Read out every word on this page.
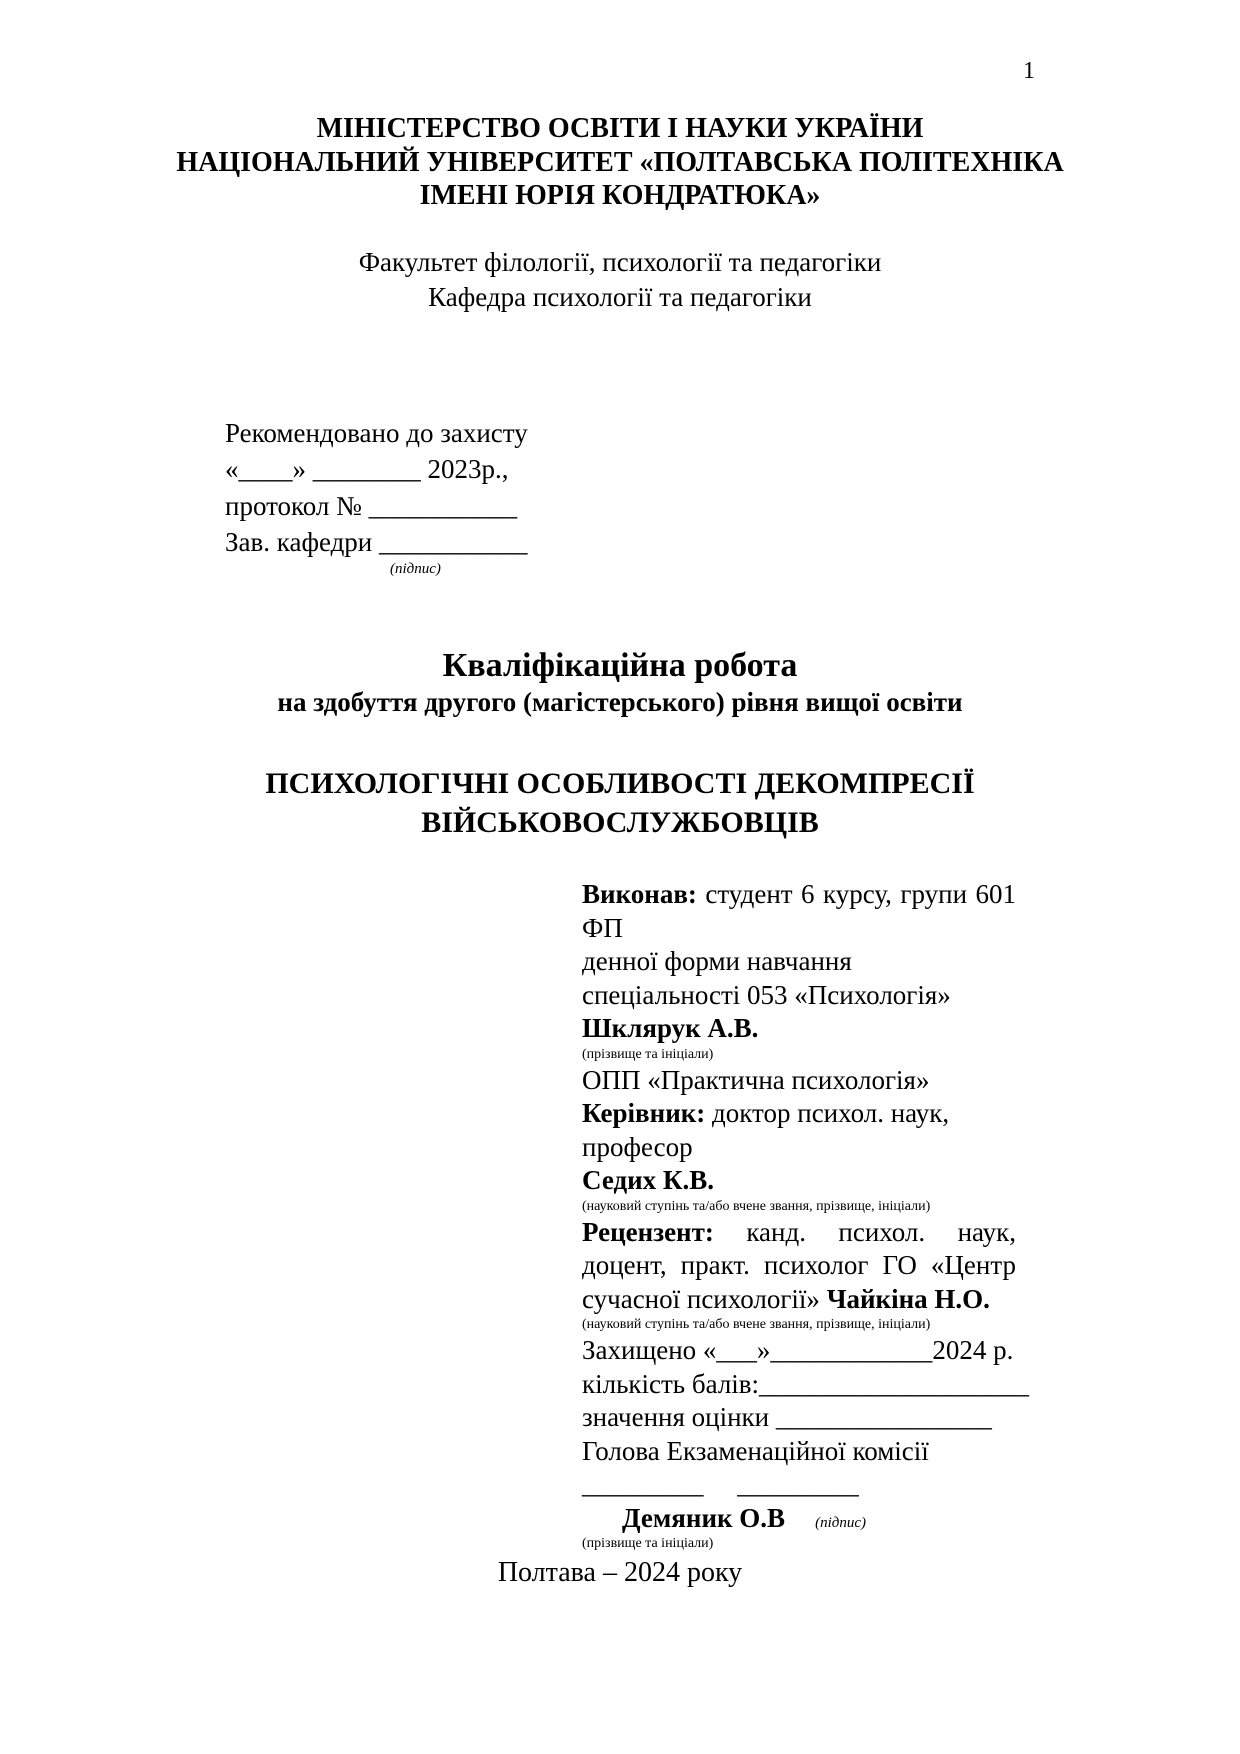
1
МІНІСТЕРСТВО ОСВІТИ І НАУКИ УКРАЇНИ
НАЦІОНАЛЬНИЙ УНІВЕРСИТЕТ «ПОЛТАВСЬКА ПОЛІТЕХНІКА
ІМЕНІ ЮРІЯ КОНДРАТЮКА»
Факультет філології, психології та педагогіки
Кафедра психології та педагогіки
Рекомендовано до захисту
«____» ________ 2023р.,
протокол № ___________
Зав. кафедри ___________
(підпис)
Кваліфікаційна робота
на здобуття другого (магістерського) рівня вищої освіти
ПСИХОЛОГІЧНІ ОСОБЛИВОСТІ ДЕКОМПРЕСІЇ ВІЙСЬКОВОСЛУЖБОВЦІВ

Виконав: студент 6 курсу, групи 601 ФП

денної форми навчання

спеціальності 053 «Психологія»

Шклярук А.В.

(прізвище та ініціали)

ОПП «Практична психологія»

Керівник: доктор психол. наук, професор

Седих К.В.

(науковий ступінь та/або вчене звання, прізвище, ініціали)

Рецензент: канд. психол. наук, доцент, практ. психолог ГО «Центр сучасної психології» Чайкіна Н.О.

(науковий ступінь та/або вчене звання, прізвище, ініціали)

Захищено «___»____________2024 р.

кількість балів:____________________

значення оцінки ________________

Голова Екзаменаційної комісії

_________     _________

Демяник О.В (підпис)

(прізвище та ініціали)

Полтава – 2024 року
